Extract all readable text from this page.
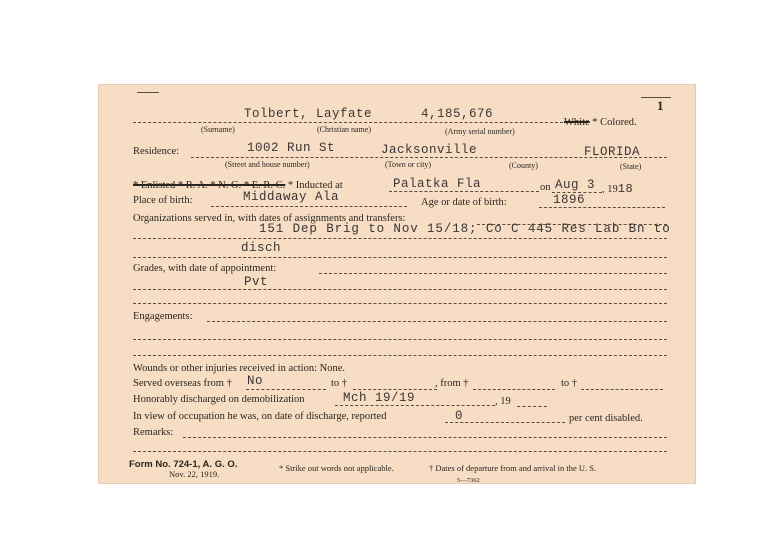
1
Tolbert, Layfate	4,185,676
White * Colored.
(Surname)	(Christian name)	(Army serial number)
Residence:	1002 Run St	Jacksonville	FLORIDA
(Street and house number)	(Town or city)	(County)	(State)
* Enlisted * R. A. * N. G. * E. R. C. * Inducted at	Palatka Fla	on Aug 3 , 1918
Place of birth:	Middaway Ala	Age or date of birth:	1896
Organizations served in, with dates of assignments and transfers:
151 Dep Brig to Nov 15/18; Co C 445 Res Lab Bn to
disch
Grades, with date of appointment:
Pvt
Engagements:
Wounds or other injuries received in action: None.
Served overseas from † No	to †	, from †	to †
Honorably discharged on demobilization	Mch 19/19	, 19
In view of occupation he was, on date of discharge, reported	0	per cent disabled.
Remarks:
Form No. 724-1, A. G. O.
Nov. 22, 1919.
* Strike out words not applicable.	† Dates of departure from and arrival in the U. S.
5—7362
